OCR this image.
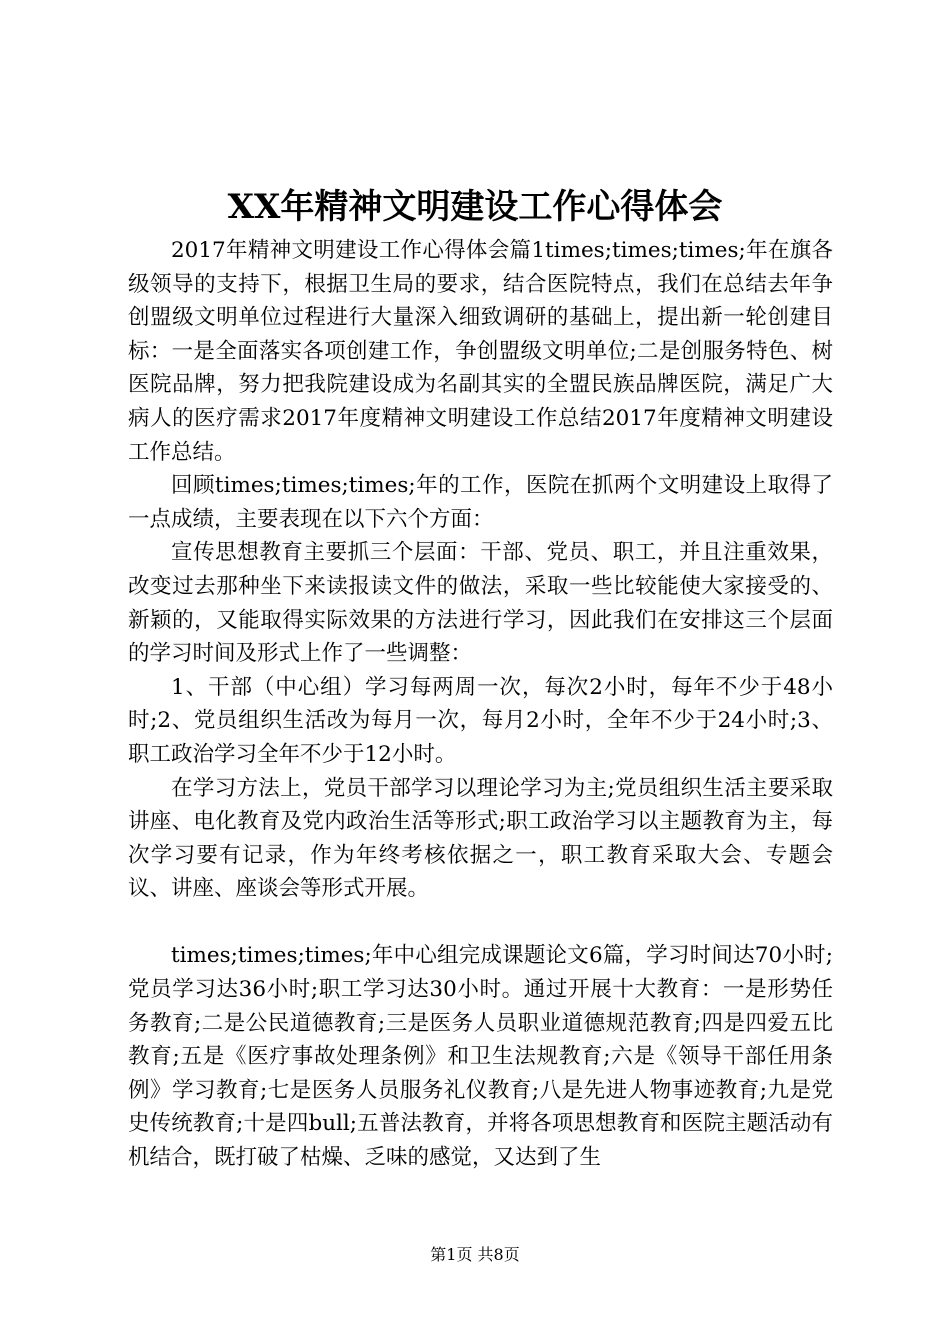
XX年精神文明建设工作心得体会

2017年精神文明建设工作心得体会篇1times;times;times;年在旗各级领导的支持下，根据卫生局的要求，结合医院特点，我们在总结去年争创盟级文明单位过程进行大量深入细致调研的基础上，提出新一轮创建目标：一是全面落实各项创建工作，争创盟级文明单位;二是创服务特色、树医院品牌，努力把我院建设成为名副其实的全盟民族品牌医院，满足广大病人的医疗需求2017年度精神文明建设工作总结2017年度精神文明建设工作总结。

回顾times;times;times;年的工作，医院在抓两个文明建设上取得了一点成绩，主要表现在以下六个方面：

宣传思想教育主要抓三个层面：干部、党员、职工，并且注重效果，改变过去那种坐下来读报读文件的做法，采取一些比较能使大家接受的、新颖的，又能取得实际效果的方法进行学习，因此我们在安排这三个层面的学习时间及形式上作了一些调整：

1、干部（中心组）学习每两周一次，每次2小时，每年不少于48小时;2、党员组织生活改为每月一次，每月2小时，全年不少于24小时;3、职工政治学习全年不少于12小时。

在学习方法上，党员干部学习以理论学习为主;党员组织生活主要采取讲座、电化教育及党内政治生活等形式;职工政治学习以主题教育为主，每次学习要有记录，作为年终考核依据之一，职工教育采取大会、专题会议、讲座、座谈会等形式开展。

times;times;times;年中心组完成课题论文6篇，学习时间达70小时;党员学习达36小时;职工学习达30小时。通过开展十大教育：一是形势任务教育;二是公民道德教育;三是医务人员职业道德规范教育;四是四爱五比教育;五是《医疗事故处理条例》和卫生法规教育;六是《领导干部任用条例》学习教育;七是医务人员服务礼仪教育;八是先进人物事迹教育;九是党史传统教育;十是四bull;五普法教育，并将各项思想教育和医院主题活动有机结合，既打破了枯燥、乏味的感觉，又达到了生

第1页 共8页
